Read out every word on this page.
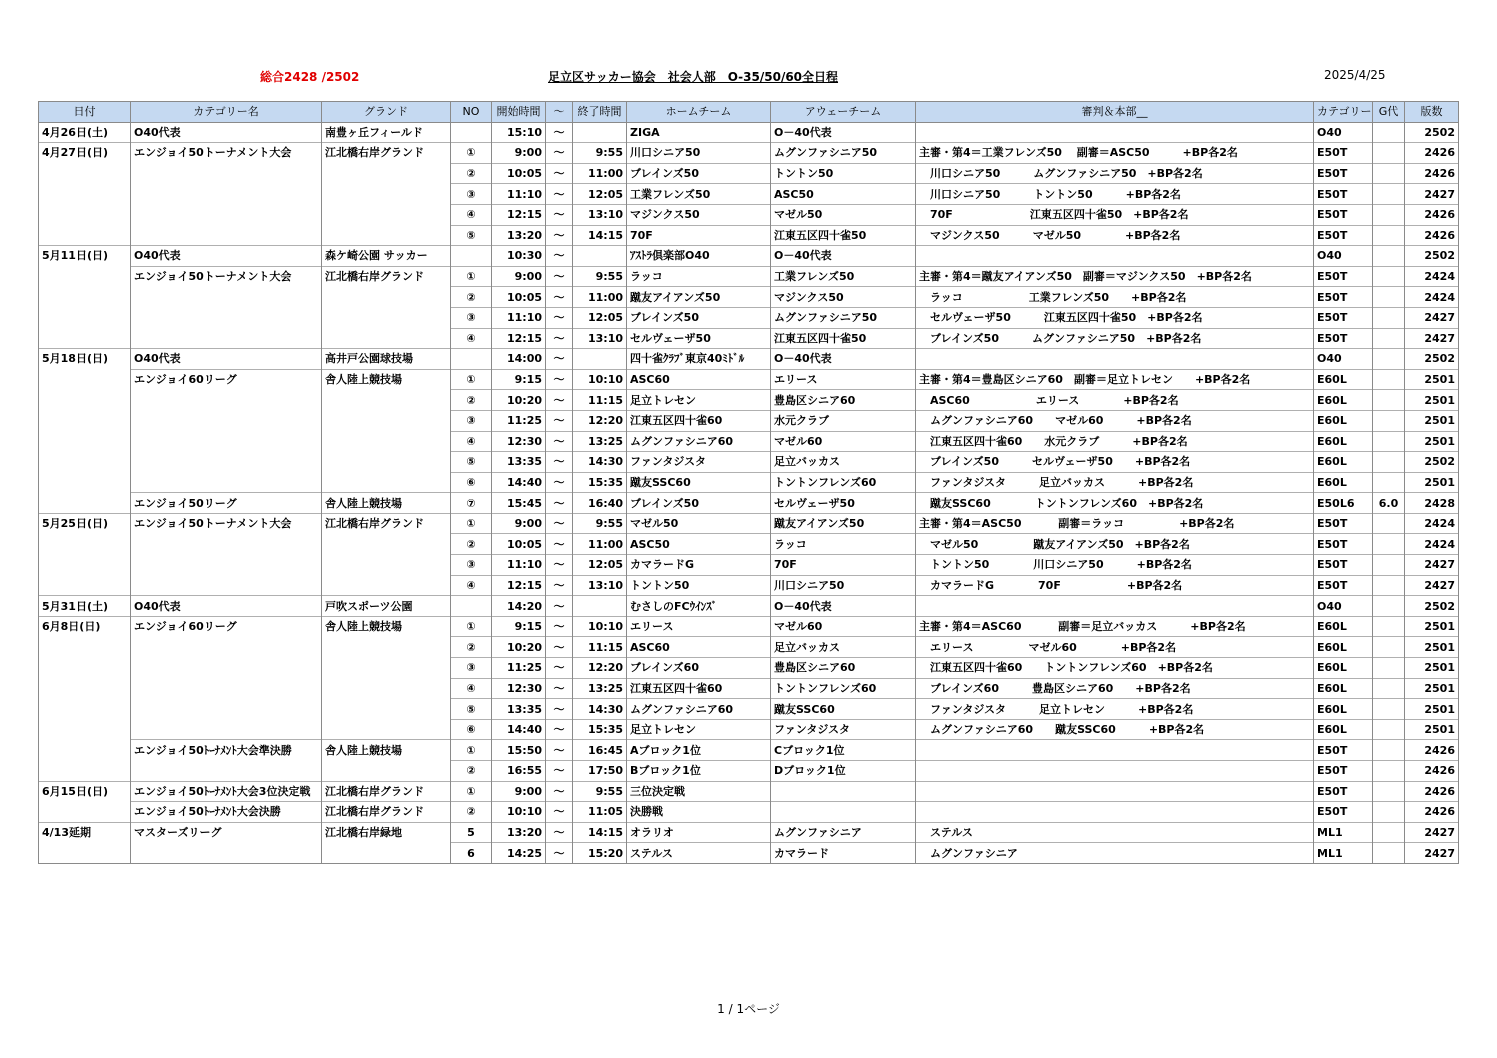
総合2428 /2502	足立区サッカー協会　社会人部　O-35/50/60全日程	2025/4/25
日付	カテゴリー名	グランド	NO	開始時間	～	終了時間	ホームチーム	アウェーチーム	審判＆本部__	カテゴリー	G代	版数
4月26日(土)	O40代表	南豊ヶ丘フィールド		15:10	～		ZIGA	O－40代表		O40		2502
4月27日(日)	エンジョイ50トーナメント大会	江北橋右岸グランド	①	9:00	～	9:55	川口シニア50	ムグンファシニア50	主審・第4＝工業フレンズ50　 副審＝ASC50　　　+BP各2名	E50T		2426
			②	10:05	～	11:00	ブレインズ50	トントン50	川口シニア50　　　ムグンファシニア50　+BP各2名	E50T		2426
			③	11:10	～	12:05	工業フレンズ50	ASC50	川口シニア50　　　トントン50　　　+BP各2名	E50T		2427
			④	12:15	～	13:10	マジンクス50	マゼル50	70F　　　　　　　江東五区四十雀50　+BP各2名	E50T		2426
			⑤	13:20	～	14:15	70F	江東五区四十雀50	マジンクス50　　　マゼル50　　　　+BP各2名	E50T		2426
5月11日(日)	O40代表	森ケ崎公園 サッカー		10:30	～		ｱｽﾄﾗ倶楽部O40	O－40代表		O40		2502
	エンジョイ50トーナメント大会	江北橋右岸グランド	①	9:00	～	9:55	ラッコ	工業フレンズ50	主審・第4＝蹴友アイアンズ50　副審＝マジンクス50　+BP各2名	E50T		2424
			②	10:05	～	11:00	蹴友アイアンズ50	マジンクス50	ラッコ　　　　　　工業フレンズ50　　+BP各2名	E50T		2424
			③	11:10	～	12:05	ブレインズ50	ムグンファシニア50	セルヴェーザ50　　　江東五区四十雀50　+BP各2名	E50T		2427
			④	12:15	～	13:10	セルヴェーザ50	江東五区四十雀50	ブレインズ50　　　ムグンファシニア50　+BP各2名	E50T		2427
5月18日(日)	O40代表	高井戸公園球技場		14:00	～		四十雀ｸﾗﾌﾞ東京40ﾐﾄﾞﾙ	O－40代表		O40		2502
	エンジョイ60リーグ	舎人陸上競技場	①	9:15	～	10:10	ASC60	エリース	主審・第4＝豊島区シニア60　副審＝足立トレセン　　+BP各2名	E60L		2501
			②	10:20	～	11:15	足立トレセン	豊島区シニア60	ASC60　　　　　　エリース　　　　+BP各2名	E60L		2501
			③	11:25	～	12:20	江東五区四十雀60	水元クラブ	ムグンファシニア60　　マゼル60　　　+BP各2名	E60L		2501
			④	12:30	～	13:25	ムグンファシニア60	マゼル60	江東五区四十雀60　　水元クラブ　　　+BP各2名	E60L		2501
			⑤	13:35	～	14:30	ファンタジスタ	足立バッカス	ブレインズ50　　　セルヴェーザ50　　+BP各2名	E60L		2502
			⑥	14:40	～	15:35	蹴友SSC60	トントンフレンズ60	ファンタジスタ　　　足立バッカス　　　+BP各2名	E60L		2501
	エンジョイ50リーグ	舎人陸上競技場	⑦	15:45	～	16:40	ブレインズ50	セルヴェーザ50	蹴友SSC60　　　　トントンフレンズ60　+BP各2名	E50L6	6.0	2428
5月25日(日)	エンジョイ50トーナメント大会	江北橋右岸グランド	①	9:00	～	9:55	マゼル50	蹴友アイアンズ50	主審・第4＝ASC50　　　 副審＝ラッコ　　　　　+BP各2名	E50T		2424
			②	10:05	～	11:00	ASC50	ラッコ	マゼル50　　　　　蹴友アイアンズ50　+BP各2名	E50T		2424
			③	11:10	～	12:05	カマラードG	70F	トントン50　　　　川口シニア50　　　+BP各2名	E50T		2427
			④	12:15	～	13:10	トントン50	川口シニア50	カマラードG　　　　70F　　　　　　+BP各2名	E50T		2427
5月31日(土)	O40代表	戸吹スポーツ公園		14:20	～		むさしのFCｳｲﾝｽﾞ	O－40代表		O40		2502
6月8日(日)	エンジョイ60リーグ	舎人陸上競技場	①	9:15	～	10:10	エリース	マゼル60	主審・第4＝ASC60　　　 副審＝足立バッカス　　　+BP各2名	E60L		2501
			②	10:20	～	11:15	ASC60	足立バッカス	エリース　　　　　マゼル60　　　　+BP各2名	E60L		2501
			③	11:25	～	12:20	ブレインズ60	豊島区シニア60	江東五区四十雀60　　トントンフレンズ60　+BP各2名	E60L		2501
			④	12:30	～	13:25	江東五区四十雀60	トントンフレンズ60	ブレインズ60　　　豊島区シニア60　　+BP各2名	E60L		2501
			⑤	13:35	～	14:30	ムグンファシニア60	蹴友SSC60	ファンタジスタ　　　足立トレセン　　　+BP各2名	E60L		2501
			⑥	14:40	～	15:35	足立トレセン	ファンタジスタ	ムグンファシニア60　　蹴友SSC60　　　+BP各2名	E60L		2501
	エンジョイ50ﾄｰﾅﾒﾝﾄ大会準決勝	舎人陸上競技場	①	15:50	～	16:45	Aブロック1位	Cブロック1位		E50T		2426
			②	16:55	～	17:50	Bブロック1位	Dブロック1位		E50T		2426
6月15日(日)	エンジョイ50ﾄｰﾅﾒﾝﾄ大会3位決定戦	江北橋右岸グランド	①	9:00	～	9:55	三位決定戦			E50T		2426
	エンジョイ50ﾄｰﾅﾒﾝﾄ大会決勝	江北橋右岸グランド	②	10:10	～	11:05	決勝戦			E50T		2426
4/13延期	マスターズリーグ	江北橋右岸緑地	5	13:20	～	14:15	オラリオ	ムグンファシニア	ステルス	ML1		2427
			6	14:25	～	15:20	ステルス	カマラード	ムグンファシニア	ML1		2427
1 / 1ページ
